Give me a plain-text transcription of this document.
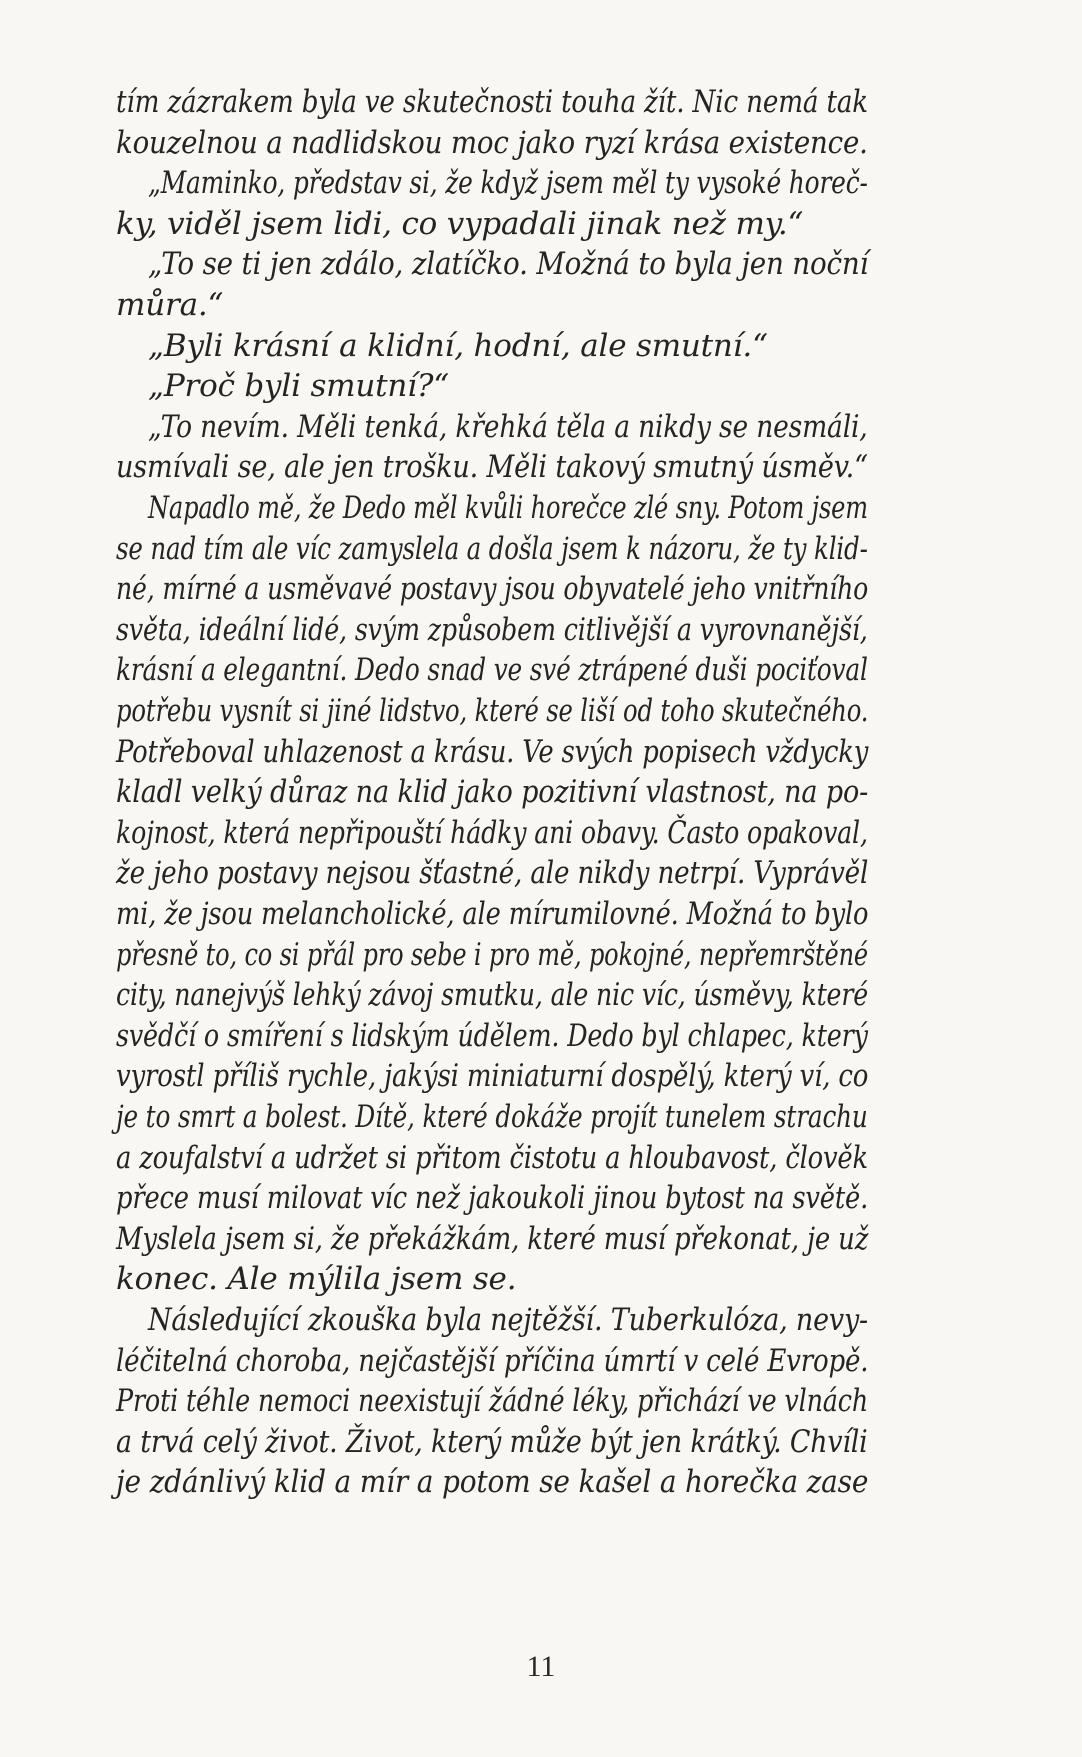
tím zázrakem byla ve skutečnosti touha žít. Nic nemá tak
kouzelnou a nadlidskou moc jako ryzí krása existence.
„Maminko, představ si, že když jsem měl ty vysoké horeč-
ky, viděl jsem lidi, co vypadali jinak než my.“
„To se ti jen zdálo, zlatíčko. Možná to byla jen noční
můra.“
„Byli krásní a klidní, hodní, ale smutní.“
„Proč byli smutní?“
„To nevím. Měli tenká, křehká těla a nikdy se nesmáli,
usmívali se, ale jen trošku. Měli takový smutný úsměv.“
Napadlo mě, že Dedo měl kvůli horečce zlé sny. Potom jsem
se nad tím ale víc zamyslela a došla jsem k názoru, že ty klid-
né, mírné a usměvavé postavy jsou obyvatelé jeho vnitřního
světa, ideální lidé, svým způsobem citlivější a vyrovnanější,
krásní a elegantní. Dedo snad ve své ztrápené duši pociťoval
potřebu vysnít si jiné lidstvo, které se liší od toho skutečného.
Potřeboval uhlazenost a krásu. Ve svých popisech vždycky
kladl velký důraz na klid jako pozitivní vlastnost, na po-
kojnost, která nepřipouští hádky ani obavy. Často opakoval,
že jeho postavy nejsou šťastné, ale nikdy netrpí. Vyprávěl
mi, že jsou melancholické, ale mírumilovné. Možná to bylo
přesně to, co si přál pro sebe i pro mě, pokojné, nepřemrštěné
city, nanejvýš lehký závoj smutku, ale nic víc, úsměvy, které
svědčí o smíření s lidským údělem. Dedo byl chlapec, který
vyrostl příliš rychle, jakýsi miniaturní dospělý, který ví, co
je to smrt a bolest. Dítě, které dokáže projít tunelem strachu
a zoufalství a udržet si přitom čistotu a hloubavost, člověk
přece musí milovat víc než jakoukoli jinou bytost na světě.
Myslela jsem si, že překážkám, které musí překonat, je už
konec. Ale mýlila jsem se.
Následující zkouška byla nejtěžší. Tuberkulóza, nevy-
léčitelná choroba, nejčastější příčina úmrtí v celé Evropě.
Proti téhle nemoci neexistují žádné léky, přichází ve vlnách
a trvá celý život. Život, který může být jen krátký. Chvíli
je zdánlivý klid a mír a potom se kašel a horečka zase
11
